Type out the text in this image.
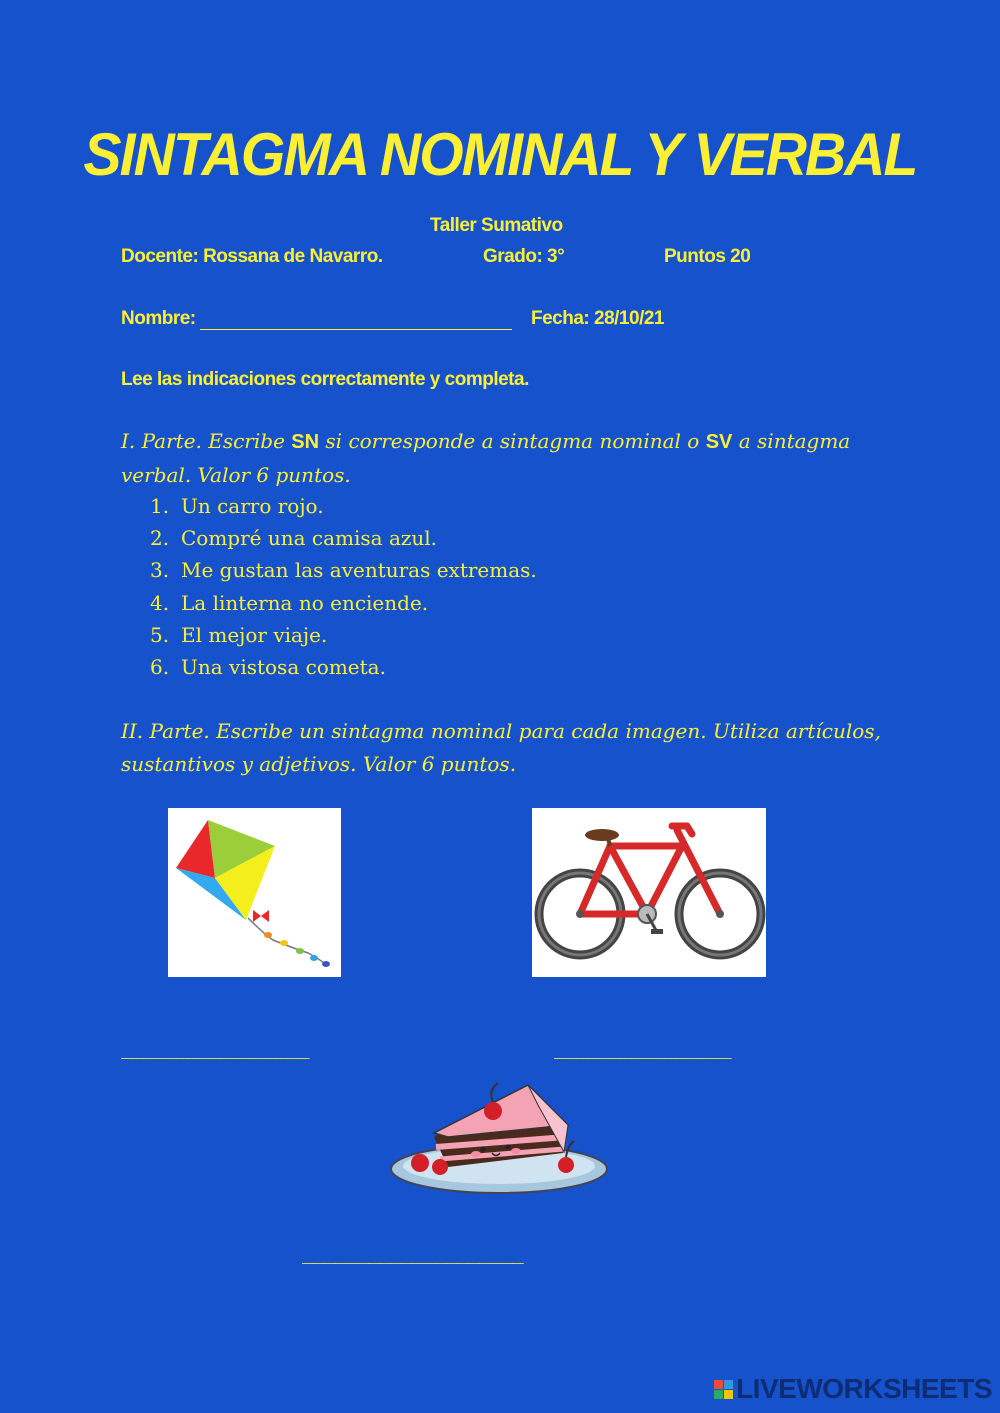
SINTAGMA NOMINAL Y VERBAL
Taller Sumativo
Docente: Rossana de Navarro.	Grado: 3°	Puntos 20
Nombre:	Fecha: 28/10/21
Lee las indicaciones correctamente y completa.
I. Parte. Escribe SN si corresponde a sintagma nominal o SV a sintagma verbal. Valor 6 puntos.
1. Un carro rojo.
2. Compré una camisa azul.
3. Me gustan las aventuras extremas.
4. La linterna no enciende.
5. El mejor viaje.
6. Una vistosa cometa.
II. Parte. Escribe un sintagma nominal para cada imagen. Utiliza artículos, sustantivos y adjetivos. Valor 6 puntos.
_________________	________________
____________________
LIVEWORKSHEETS
